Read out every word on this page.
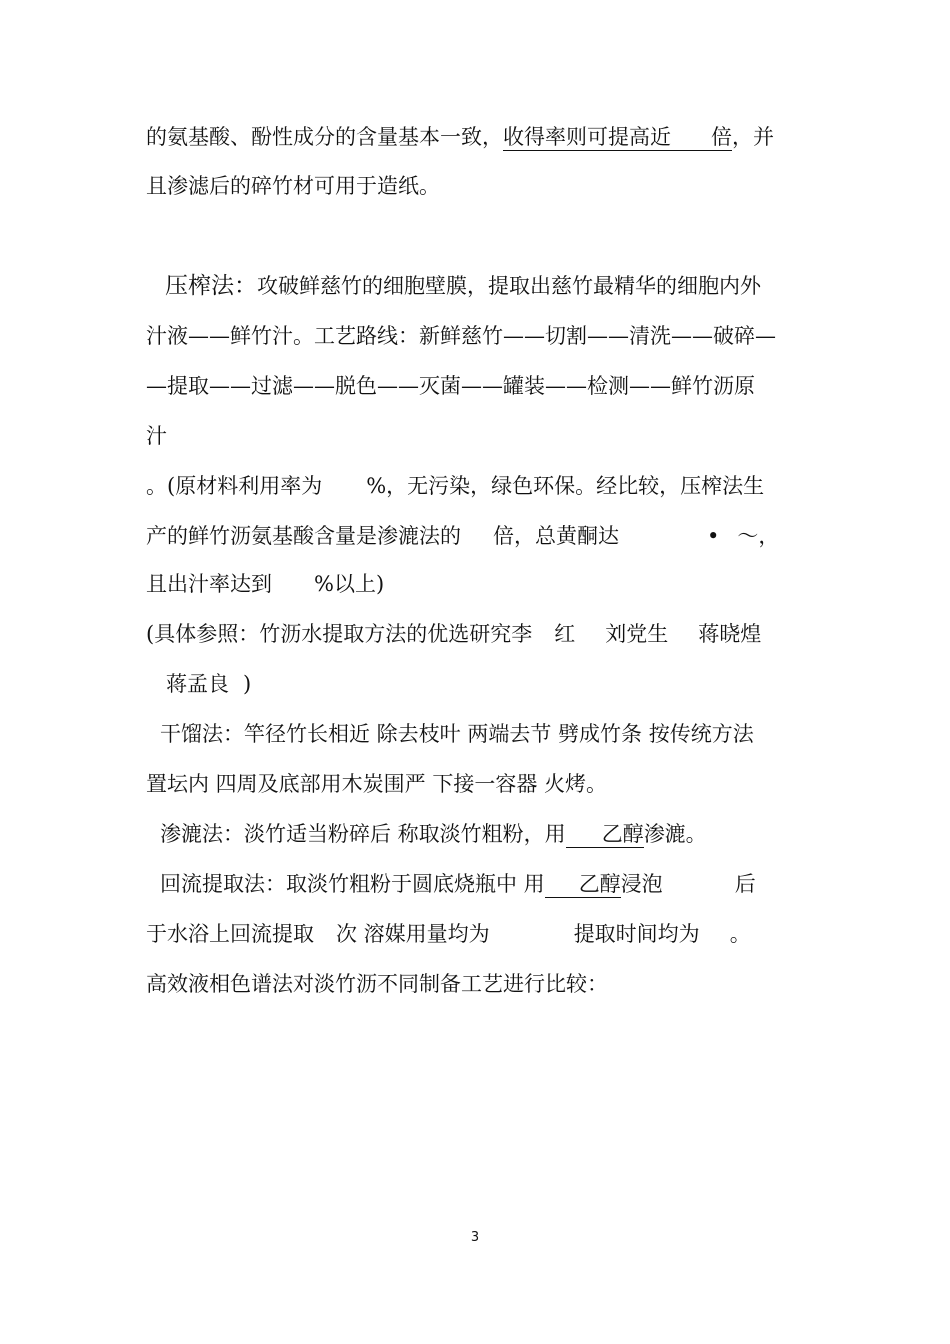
的氨基酸、酚性成分的含量基本一致，收得率则可提高近 倍，并
且渗滤后的碎竹材可用于造纸。
压榨法：攻破鲜慈竹的细胞壁膜，提取出慈竹最精华的细胞内外
汁液——鲜竹汁。工艺路线：新鲜慈竹——切割——清洗——破碎—
—提取——过滤——脱色——灭菌——罐装——检测——鲜竹沥原
汁
。(原材料利用率为 %，无污染，绿色环保。经比较，压榨法生
产的鲜竹沥氨基酸含量是渗漉法的 倍，总黄酮达	• ～，
且出汁率达到 %以上)
(具体参照：竹沥水提取方法的优选研究李 红 刘党生 蒋晓煌
蒋孟良 )
干馏法：竿径竹长相近 除去枝叶 两端去节 劈成竹条 按传统方法
置坛内 四周及底部用木炭围严 下接一容器 火烤。
渗漉法：淡竹适当粉碎后 称取淡竹粗粉，用 乙醇渗漉。
回流提取法：取淡竹粗粉于圆底烧瓶中 用 乙醇浸泡	后
于水浴上回流提取 次 溶媒用量均为	提取时间均为 。
高效液相色谱法对淡竹沥不同制备工艺进行比较：
3
